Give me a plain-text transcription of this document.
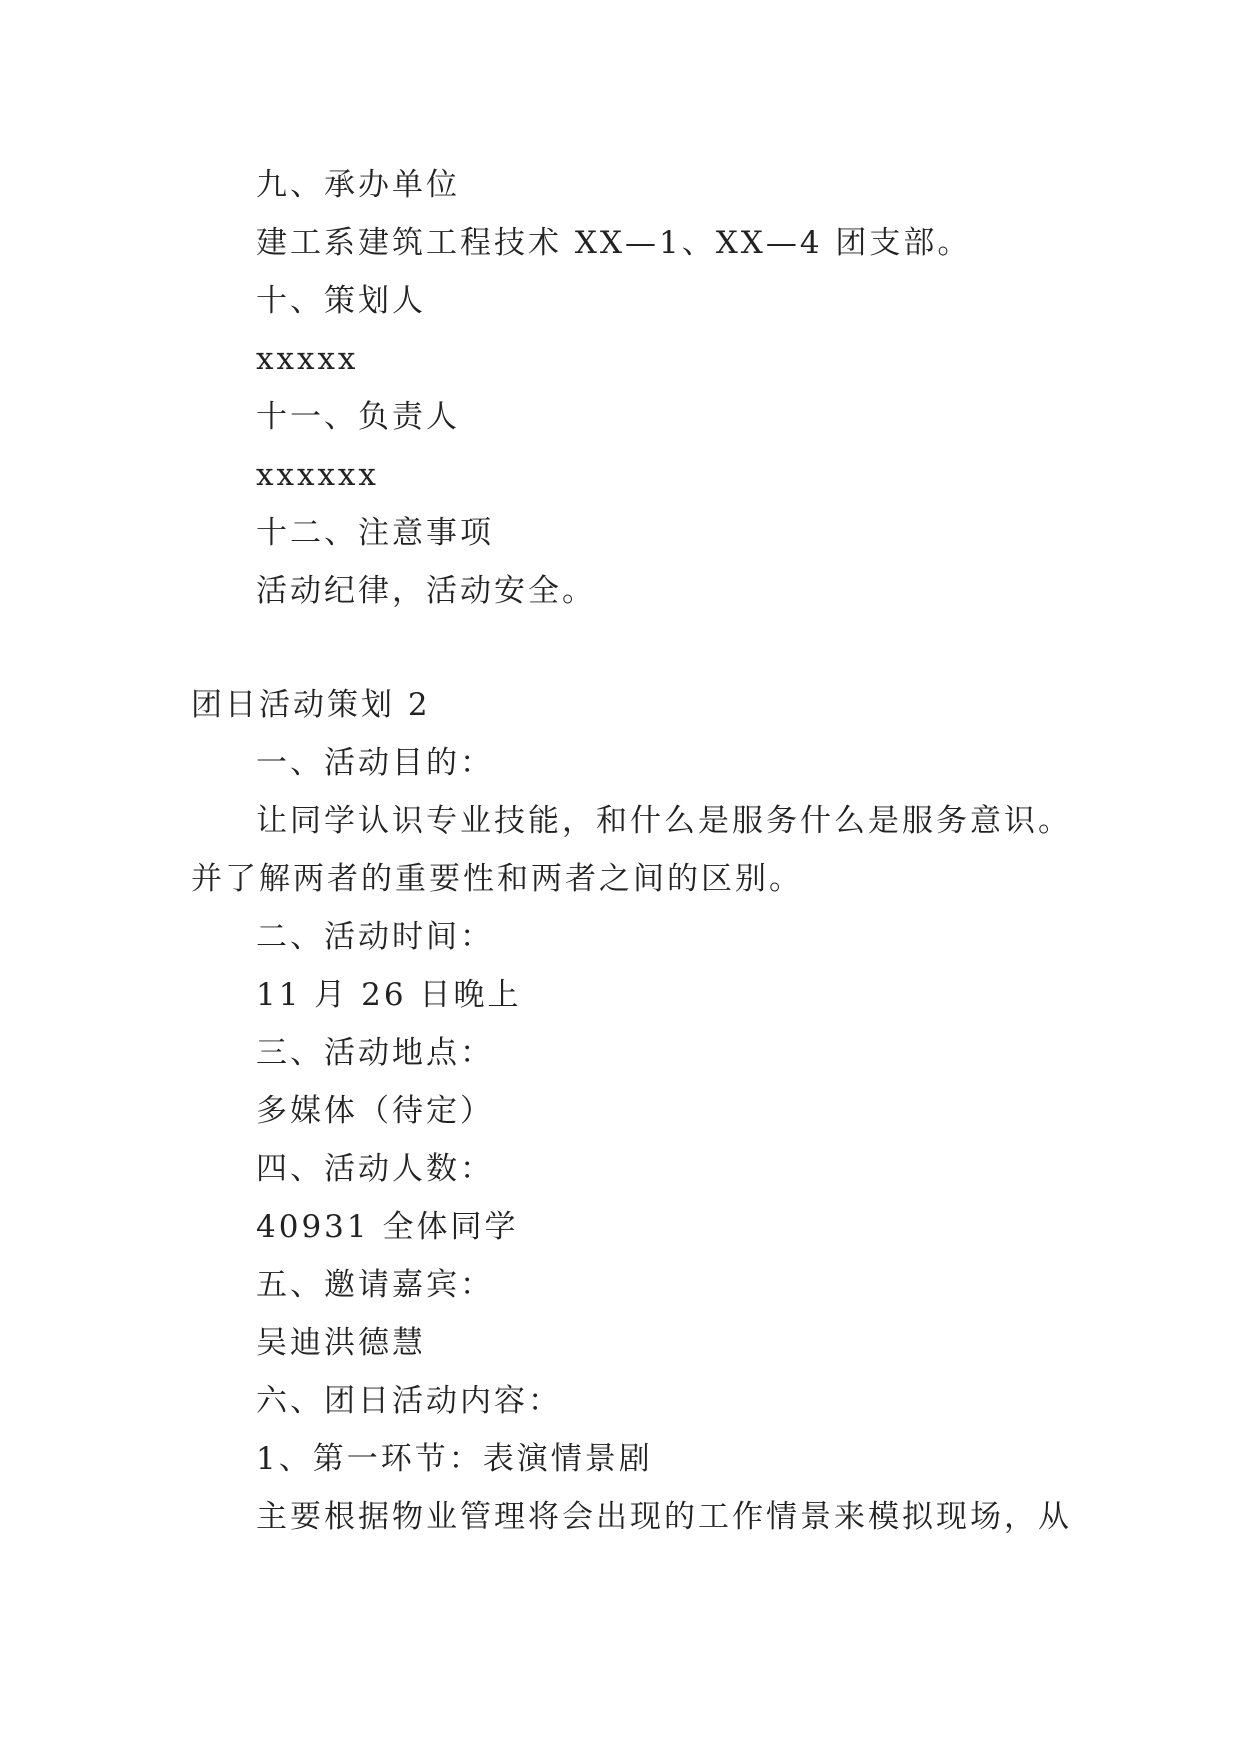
九、承办单位
建工系建筑工程技术 XX—1、XX—4 团支部。
十、策划人
xxxxx
十一、负责人
xxxxxx
十二、注意事项
活动纪律，活动安全。
团日活动策划 2
一、活动目的：
让同学认识专业技能，和什么是服务什么是服务意识。
并了解两者的重要性和两者之间的区别。
二、活动时间：
11 月 26 日晚上
三、活动地点：
多媒体（待定）
四、活动人数：
40931 全体同学
五、邀请嘉宾：
吴迪洪德慧
六、团日活动内容：
1、第一环节：表演情景剧
主要根据物业管理将会出现的工作情景来模拟现场，从
